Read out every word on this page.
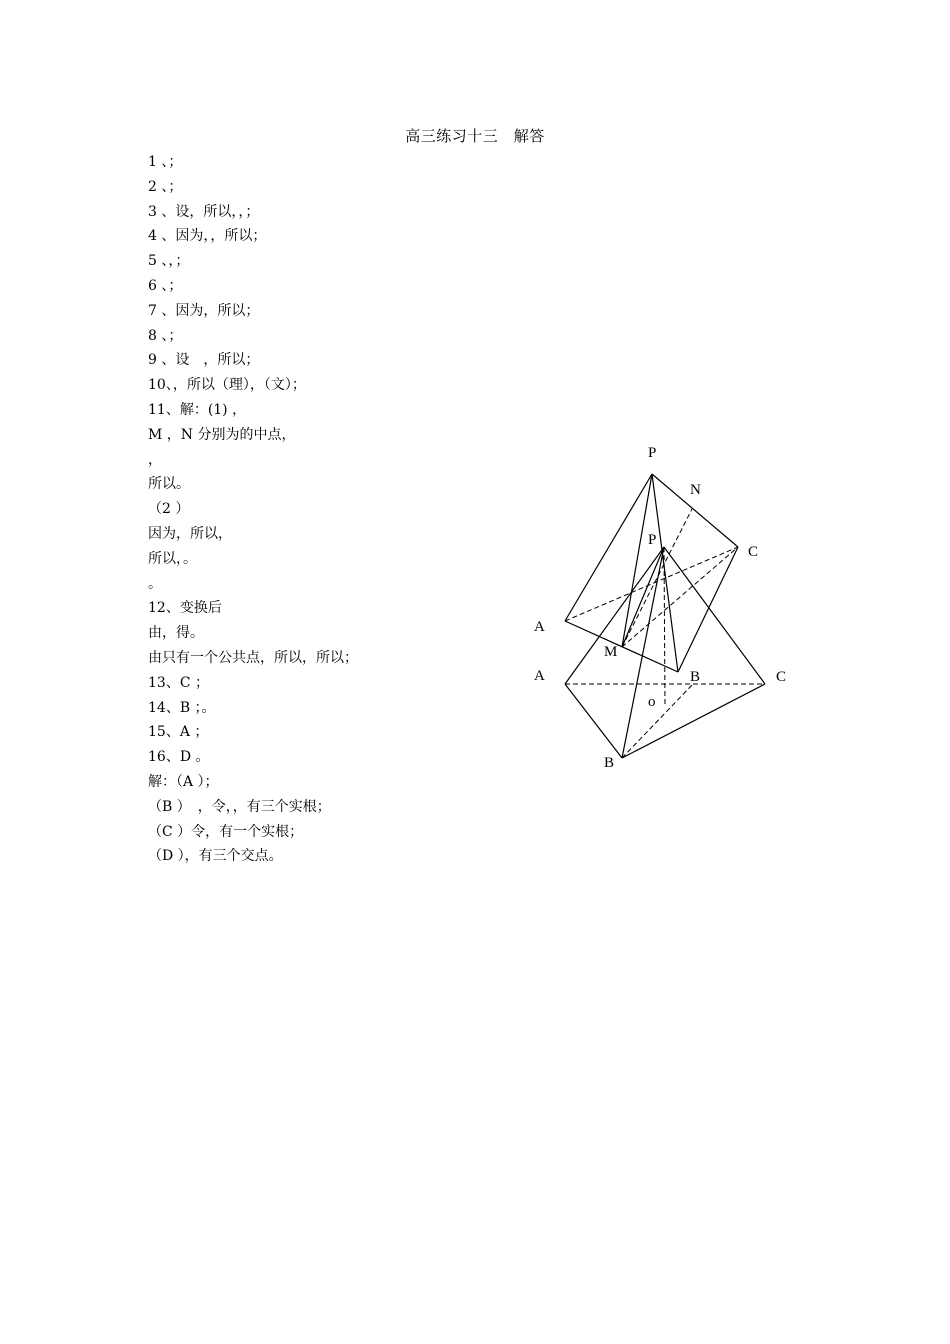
高三练习十三　解答
1 、；
2 、；
3 、设，所以，，；
4 、因为，，所以；
5 、，；
6 、；
7 、因为，所以；
8 、；
9 、设　，所以；
10、，所以（理），（文）；
11、解：(1) ，
M ，N 分别为的中点，
，
所以。
（2 ）
因为，所以，
所以，。
。
12、变换后
由，得。
由只有一个公共点，所以，所以；
13、C ；
14、B ；。
15、A ；
16、D 。
解：（A ）；
（B ）　，令，，有三个实根；
（C ）令，有一个实根；
（D ），有三个交点。
P
N
P
C
A
M
A	B	C
o
B
